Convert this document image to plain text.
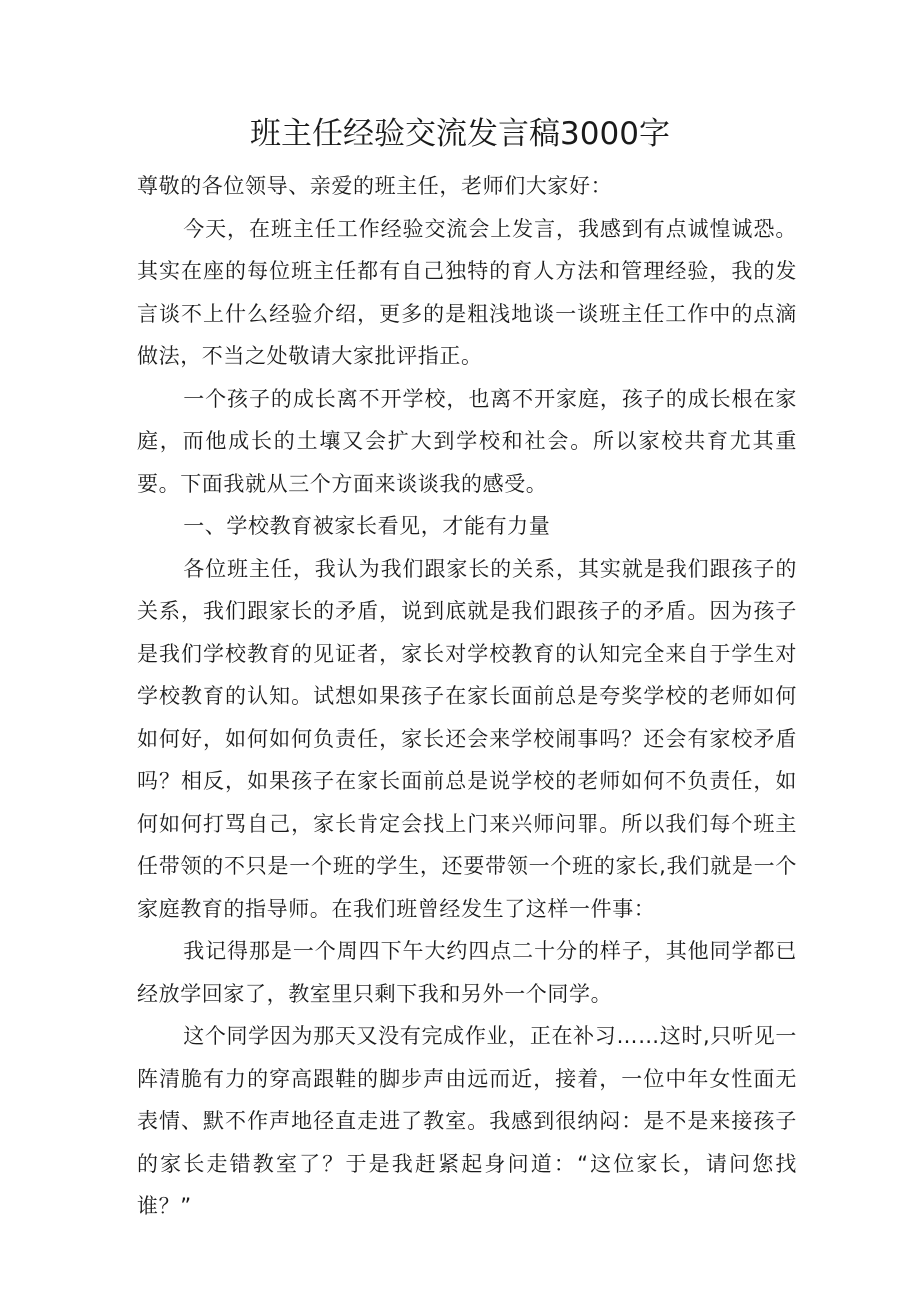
班主任经验交流发言稿3000字

尊敬的各位领导、亲爱的班主任，老师们大家好：

今天，在班主任工作经验交流会上发言，我感到有点诚惶诚恐。其实在座的每位班主任都有自己独特的育人方法和管理经验，我的发言谈不上什么经验介绍，更多的是粗浅地谈一谈班主任工作中的点滴做法，不当之处敬请大家批评指正。

一个孩子的成长离不开学校，也离不开家庭，孩子的成长根在家庭，而他成长的土壤又会扩大到学校和社会。所以家校共育尤其重要。下面我就从三个方面来谈谈我的感受。

一、学校教育被家长看见，才能有力量

各位班主任，我认为我们跟家长的关系，其实就是我们跟孩子的关系，我们跟家长的矛盾，说到底就是我们跟孩子的矛盾。因为孩子是我们学校教育的见证者，家长对学校教育的认知完全来自于学生对学校教育的认知。试想如果孩子在家长面前总是夸奖学校的老师如何如何好，如何如何负责任，家长还会来学校闹事吗？还会有家校矛盾吗？相反，如果孩子在家长面前总是说学校的老师如何不负责任，如何如何打骂自己，家长肯定会找上门来兴师问罪。所以我们每个班主任带领的不只是一个班的学生，还要带领一个班的家长,我们就是一个家庭教育的指导师。在我们班曾经发生了这样一件事：

我记得那是一个周四下午大约四点二十分的样子，其他同学都已经放学回家了，教室里只剩下我和另外一个同学。

这个同学因为那天又没有完成作业，正在补习……这时,只听见一阵清脆有力的穿高跟鞋的脚步声由远而近，接着，一位中年女性面无表情、默不作声地径直走进了教室。我感到很纳闷：是不是来接孩子的家长走错教室了？于是我赶紧起身问道：“这位家长，请问您找谁？”
